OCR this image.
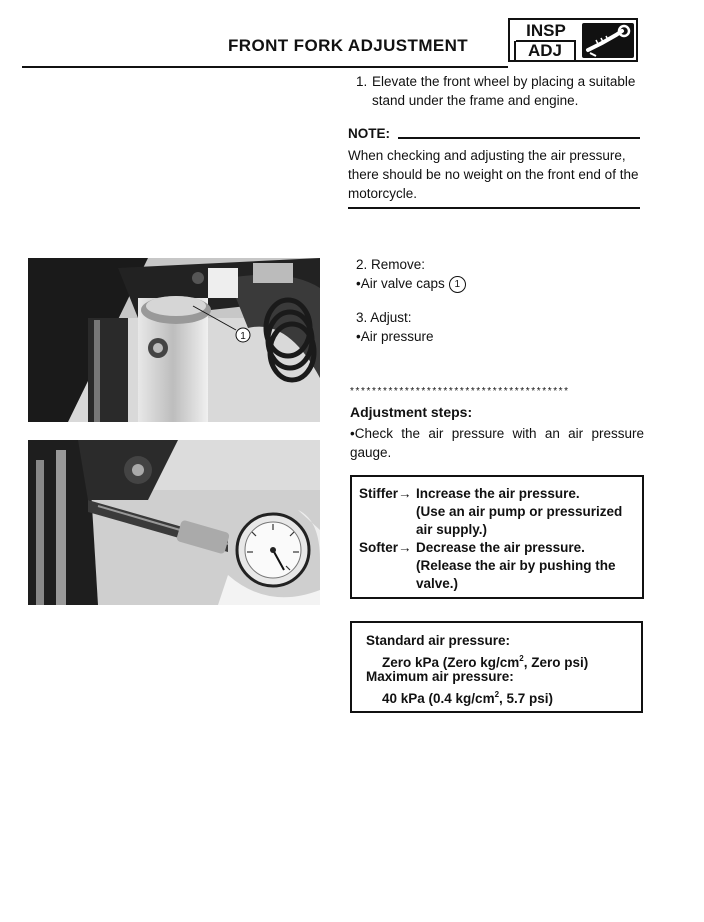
FRONT FORK ADJUSTMENT
INSP
ADJ
1. Elevate the front wheel by placing a suitable stand under the frame and engine.
NOTE:
When checking and adjusting the air pressure, there should be no weight on the front end of the motorcycle.
1
2. Remove:
•Air valve caps 1
3. Adjust:
•Air pressure
****************************************
Adjustment steps:
•Check the air pressure with an air pressure gauge.
Stiffer→ Increase the air pressure.
(Use an air pump or pressurized air supply.)
Softer→ Decrease the air pressure.
(Release the air by pushing the valve.)
Standard air pressure:
Zero kPa (Zero $kg/cm^2$, Zero psi)
Maximum air pressure:
40 kPa (0.4 $kg/cm^2$, 5.7 psi)
